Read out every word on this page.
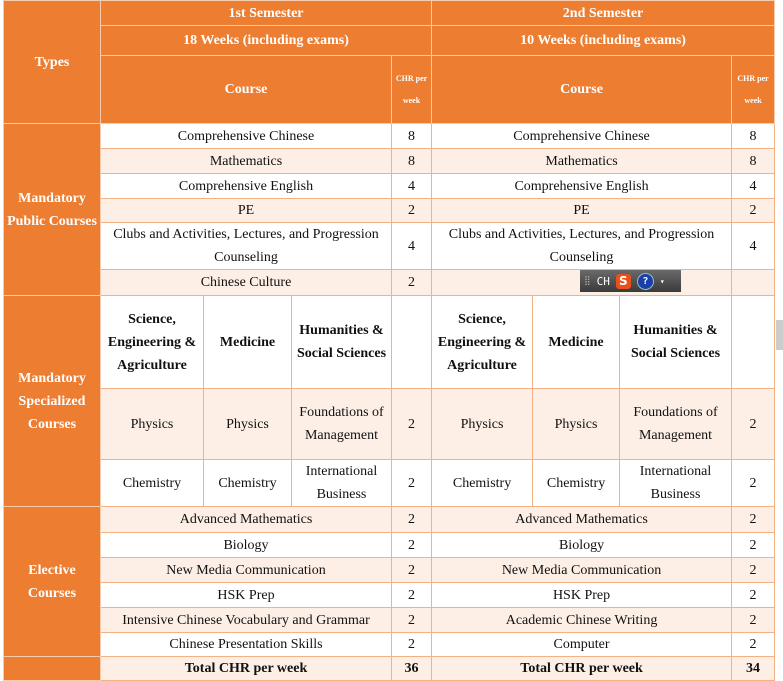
Types	1st Semester				2nd Semester			
	18 Weeks (including exams)				10 Weeks (including exams)			
	Course			CHR per week	Course			CHR per week
Mandatory Public Courses	Comprehensive Chinese			8	Comprehensive Chinese			8
	Mathematics			8	Mathematics			8
	Comprehensive English			4	Comprehensive English			4
	PE			2	PE			2
	Clubs and Activities, Lectures, and Progression Counseling			4	Clubs and Activities, Lectures, and Progression Counseling			4
	Chinese Culture			2				
Mandatory Specialized Courses	Science, Engineering & Agriculture	Medicine	Humanities & Social Sciences		Science, Engineering & Agriculture	Medicine	Humanities & Social Sciences	
	Physics	Physics	Foundations of Management	2	Physics	Physics	Foundations of Management	2
	Chemistry	Chemistry	International Business	2	Chemistry	Chemistry	International Business	2
Elective Courses	Advanced Mathematics			2	Advanced Mathematics			2
	Biology			2	Biology			2
	New Media Communication			2	New Media Communication			2
	HSK Prep			2	HSK Prep			2
	Intensive Chinese Vocabulary and Grammar			2	Academic Chinese Writing			2
	Chinese Presentation Skills			2	Computer			2
	Total CHR per week			36	Total CHR per week			34
⣿ CH S	?	▾
